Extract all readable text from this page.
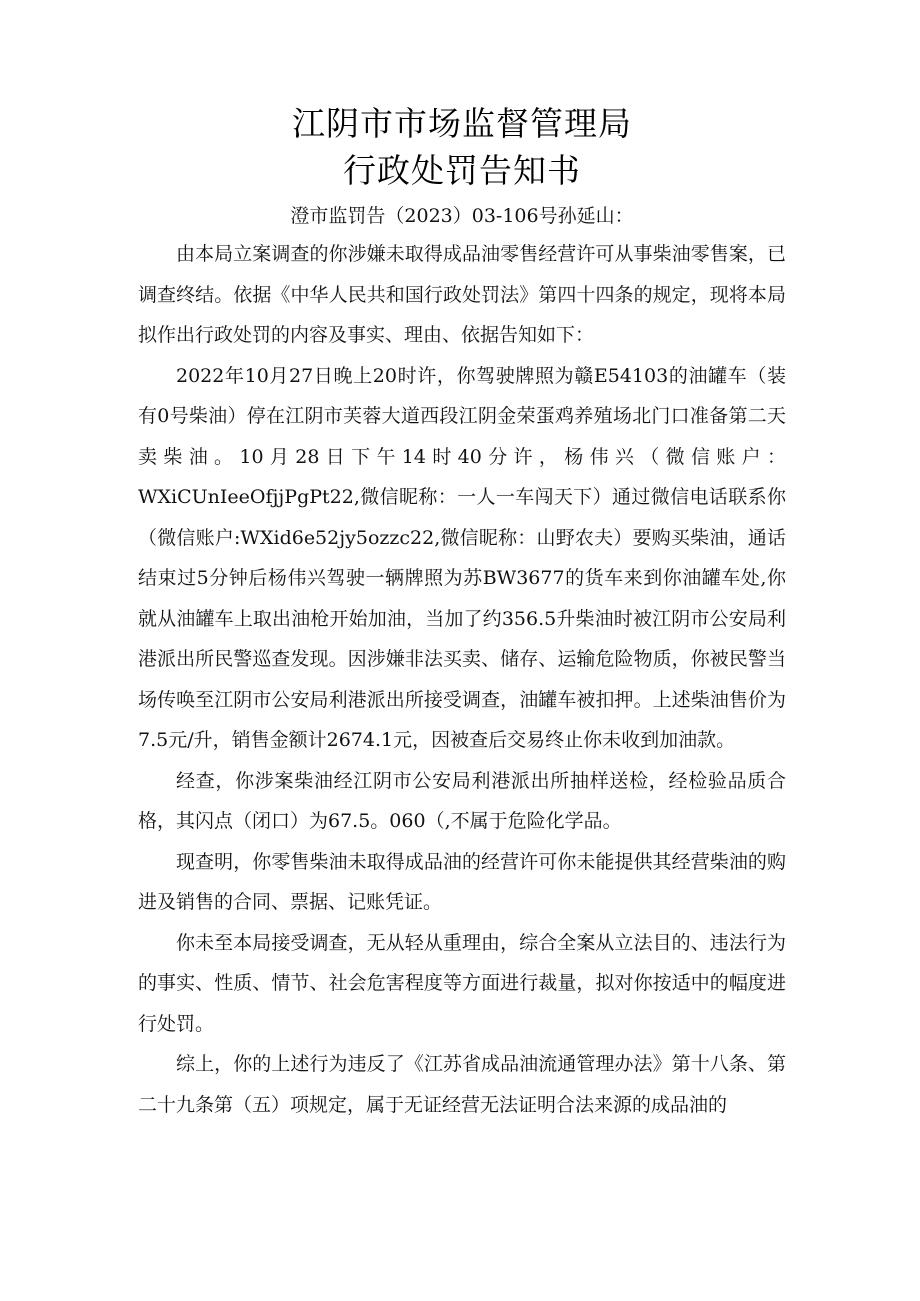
江阴市市场监督管理局
行政处罚告知书
澄市监罚告（2023）03-106号孙延山：

由本局立案调查的你涉嫌未取得成品油零售经营许可从事柴油零售案，已调查终结。依据《中华人民共和国行政处罚法》第四十四条的规定，现将本局拟作出行政处罚的内容及事实、理由、依据告知如下：

2022年10月27日晚上20时许，你驾驶牌照为赣E54103的油罐车（装有0号柴油）停在江阴市芙蓉大道西段江阴金荣蛋鸡养殖场北门口准备第二天卖柴油。10月28日下午14时40分许，杨伟兴（微信账户：WXiCUnIeeOfjjPgPt22,微信昵称：一人一车闯天下）通过微信电话联系你（微信账户:WXid6e52jy5ozzc22,微信昵称：山野农夫）要购买柴油，通话结束过5分钟后杨伟兴驾驶一辆牌照为苏BW3677的货车来到你油罐车处,你就从油罐车上取出油枪开始加油，当加了约356.5升柴油时被江阴市公安局利港派出所民警巡查发现。因涉嫌非法买卖、储存、运输危险物质，你被民警当场传唤至江阴市公安局利港派出所接受调查，油罐车被扣押。上述柴油售价为7.5元/升，销售金额计2674.1元，因被查后交易终止你未收到加油款。

经查，你涉案柴油经江阴市公安局利港派出所抽样送检，经检验品质合格，其闪点（闭口）为67.5。060（,不属于危险化学品。

现查明，你零售柴油未取得成品油的经营许可你未能提供其经营柴油的购进及销售的合同、票据、记账凭证。

你未至本局接受调查，无从轻从重理由，综合全案从立法目的、违法行为的事实、性质、情节、社会危害程度等方面进行裁量，拟对你按适中的幅度进行处罚。

综上，你的上述行为违反了《江苏省成品油流通管理办法》第十八条、第二十九条第（五）项规定，属于无证经营无法证明合法来源的成品油的
